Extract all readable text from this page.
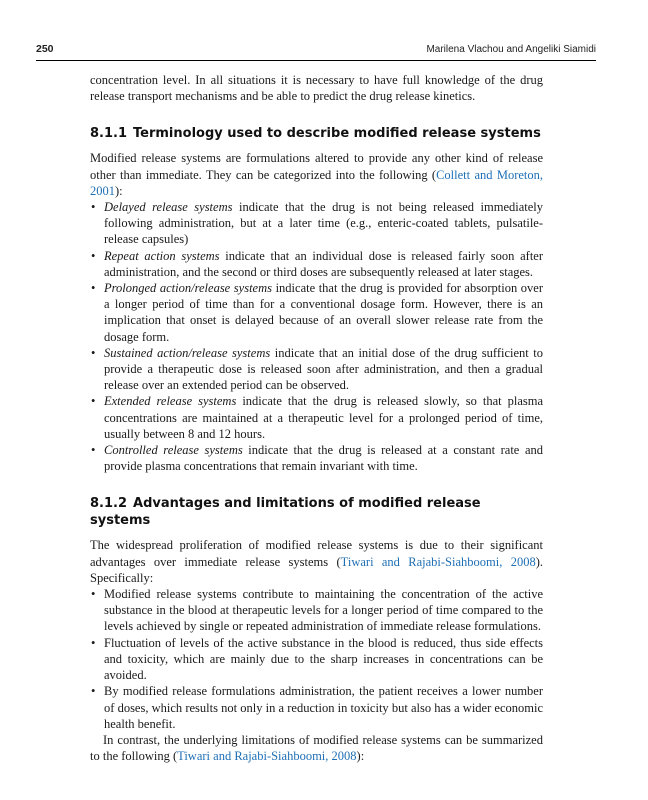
250	Marilena Vlachou and Angeliki Siamidi

concentration level. In all situations it is necessary to have full knowledge of the drug release transport mechanisms and be able to predict the drug release kinetics.

8.1.1 Terminology used to describe modified release systems

Modified release systems are formulations altered to provide any other kind of release other than immediate. They can be categorized into the following (Collett and Moreton, 2001):

• Delayed release systems indicate that the drug is not being released immediately following administration, but at a later time (e.g., enteric-coated tablets, pulsatile-release capsules)
• Repeat action systems indicate that an individual dose is released fairly soon after administration, and the second or third doses are subsequently released at later stages.
• Prolonged action/release systems indicate that the drug is provided for absorption over a longer period of time than for a conventional dosage form. However, there is an implication that onset is delayed because of an overall slower release rate from the dosage form.
• Sustained action/release systems indicate that an initial dose of the drug sufficient to provide a therapeutic dose is released soon after administration, and then a gradual release over an extended period can be observed.
• Extended release systems indicate that the drug is released slowly, so that plasma concentrations are maintained at a therapeutic level for a prolonged period of time, usually between 8 and 12 hours.
• Controlled release systems indicate that the drug is released at a constant rate and provide plasma concentrations that remain invariant with time.
8.1.2 Advantages and limitations of modified release systems

The widespread proliferation of modified release systems is due to their significant advantages over immediate release systems (Tiwari and Rajabi-Siahboomi, 2008). Specifically:

• Modified release systems contribute to maintaining the concentration of the active substance in the blood at therapeutic levels for a longer period of time compared to the levels achieved by single or repeated administration of immediate release formulations.
• Fluctuation of levels of the active substance in the blood is reduced, thus side effects and toxicity, which are mainly due to the sharp increases in concentrations can be avoided.
• By modified release formulations administration, the patient receives a lower number of doses, which results not only in a reduction in toxicity but also has a wider economic health benefit.

In contrast, the underlying limitations of modified release systems can be summarized to the following (Tiwari and Rajabi-Siahboomi, 2008):
